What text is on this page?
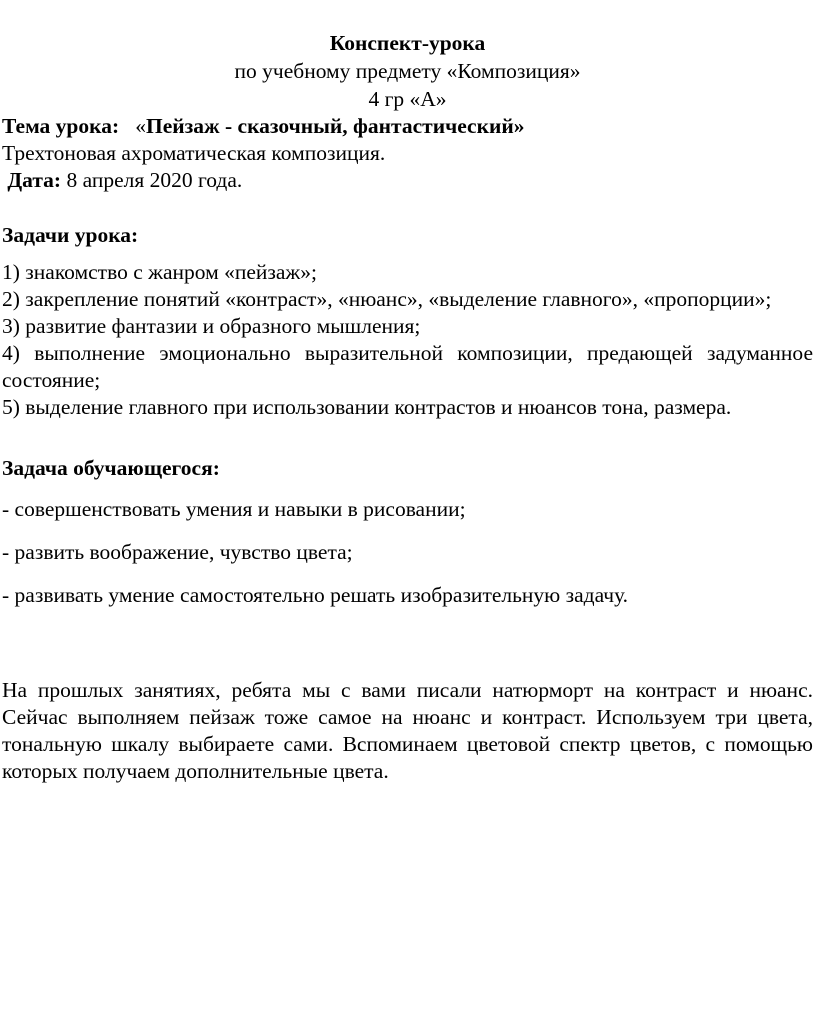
Конспект-урока

по учебному предмету «Композиция»

4 гр «А»

Тема урока: «Пейзаж - сказочный, фантастический»

Трехтоновая ахроматическая композиция.

Дата: 8 апреля 2020 года.

Задачи урока:

1) знакомство с жанром «пейзаж»;

2) закрепление понятий «контраст», «нюанс», «выделение главного», «пропорции»;

3) развитие фантазии и образного мышления;

4) выполнение эмоционально выразительной композиции, предающей задуманное состояние;

5) выделение главного при использовании контрастов и нюансов тона, размера.

Задача обучающегося:

- совершенствовать умения и навыки в рисовании;

- развить воображение, чувство цвета;

- развивать умение самостоятельно решать изобразительную задачу.

На прошлых занятиях, ребята мы с вами писали натюрморт на контраст и нюанс. Сейчас выполняем пейзаж тоже самое на нюанс и контраст. Используем три цвета, тональную шкалу выбираете сами. Вспоминаем цветовой спектр цветов, с помощью которых получаем дополнительные цвета.
